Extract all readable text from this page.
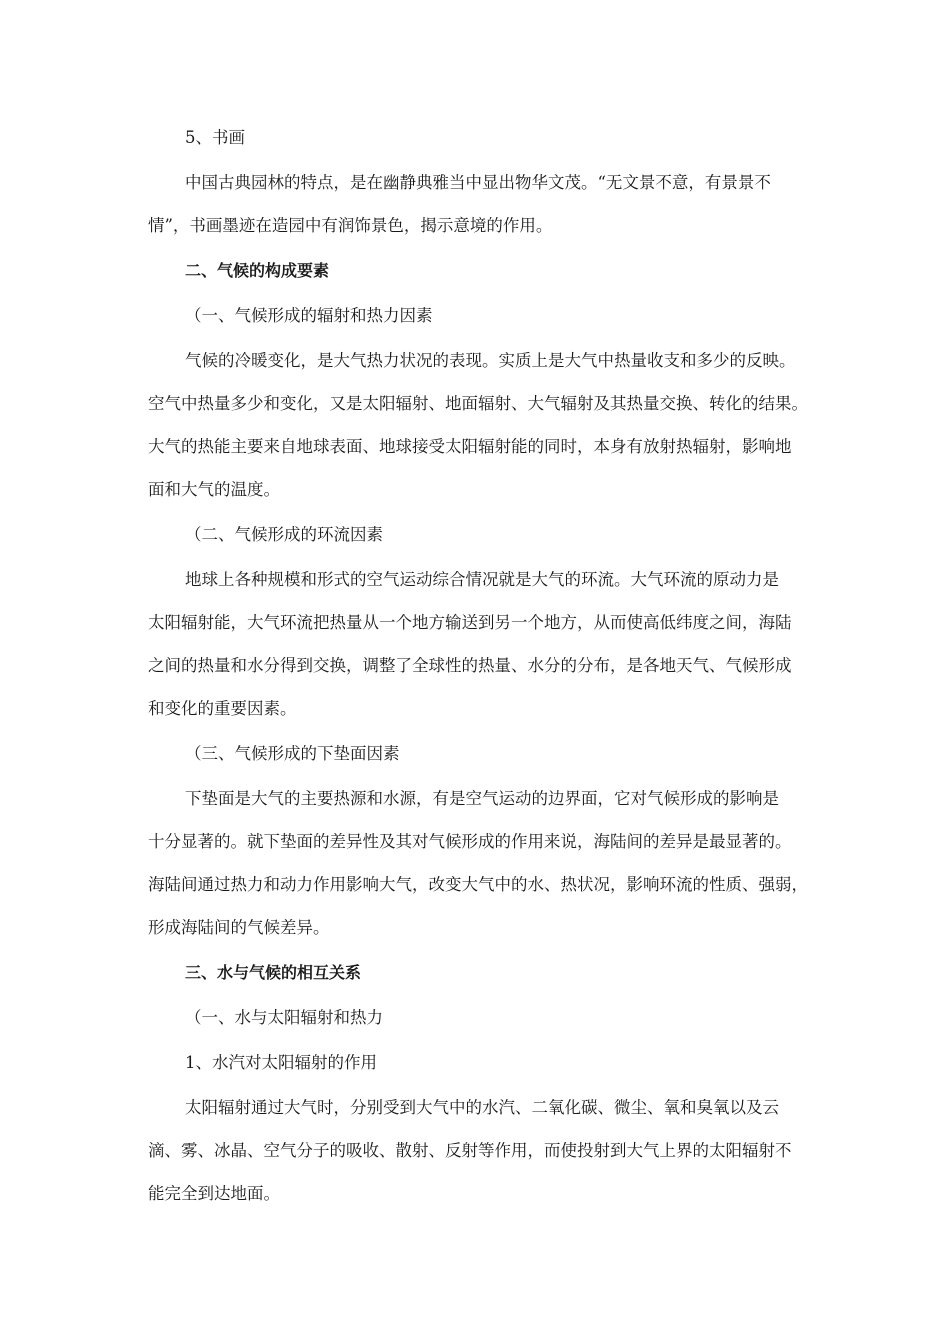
5、书画
中国古典园林的特点，是在幽静典雅当中显出物华文茂。“无文景不意，有景景不
情”，书画墨迹在造园中有润饰景色，揭示意境的作用。
二、气候的构成要素
（一、气候形成的辐射和热力因素
气候的冷暖变化，是大气热力状况的表现。实质上是大气中热量收支和多少的反映。
空气中热量多少和变化，又是太阳辐射、地面辐射、大气辐射及其热量交换、转化的结果。
大气的热能主要来自地球表面、地球接受太阳辐射能的同时，本身有放射热辐射，影响地
面和大气的温度。
（二、气候形成的环流因素
地球上各种规模和形式的空气运动综合情况就是大气的环流。大气环流的原动力是
太阳辐射能，大气环流把热量从一个地方输送到另一个地方，从而使高低纬度之间，海陆
之间的热量和水分得到交换，调整了全球性的热量、水分的分布，是各地天气、气候形成
和变化的重要因素。
（三、气候形成的下垫面因素
下垫面是大气的主要热源和水源，有是空气运动的边界面，它对气候形成的影响是
十分显著的。就下垫面的差异性及其对气候形成的作用来说，海陆间的差异是最显著的。
海陆间通过热力和动力作用影响大气，改变大气中的水、热状况，影响环流的性质、强弱，
形成海陆间的气候差异。
三、水与气候的相互关系
（一、水与太阳辐射和热力
1、水汽对太阳辐射的作用
太阳辐射通过大气时，分别受到大气中的水汽、二氧化碳、微尘、氧和臭氧以及云
滴、雾、冰晶、空气分子的吸收、散射、反射等作用，而使投射到大气上界的太阳辐射不
能完全到达地面。
